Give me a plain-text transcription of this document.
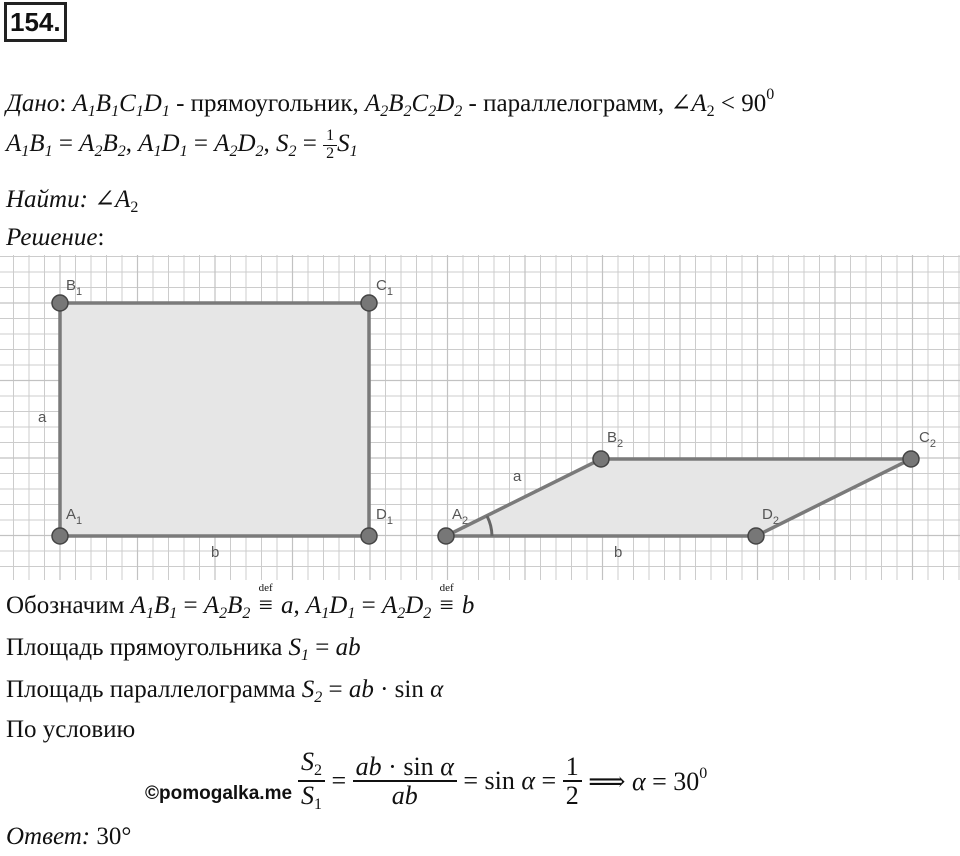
154.
Дано: $A_1B_1C_1D_1$ - прямоугольник, $A_2B_2C_2D_2$ - параллелограмм, $\angle A_2 < 90^0$
$A_1B_1 = A_2B_2$, $A_1D_1 = A_2D_2$, $S_2 = \frac{1}{2} S_1$
Найти: $\angle A_2$
Решение:
$B_1$	$C_1$
$A_1$	$D_1$
a
b
$B_2$	$C_2$
$A_2$	$D_2$
a
b
Обозначим $A_1B_1 = A_2B_2$
def
≡ a, $A_1D_1 = A_2D_2$
def
≡ b
Площадь прямоугольника $S_1$ = ab
Площадь параллелограмма $S_2$ = ab · sin α
По условию
©pomogalka.me $\frac{S_2}{S_1} = \frac{\text{ab · sin α}}{ab} = \sin \alpha = \frac{1}{2}$ ⟹ $\alpha = 30^0$
Ответ: 30°
